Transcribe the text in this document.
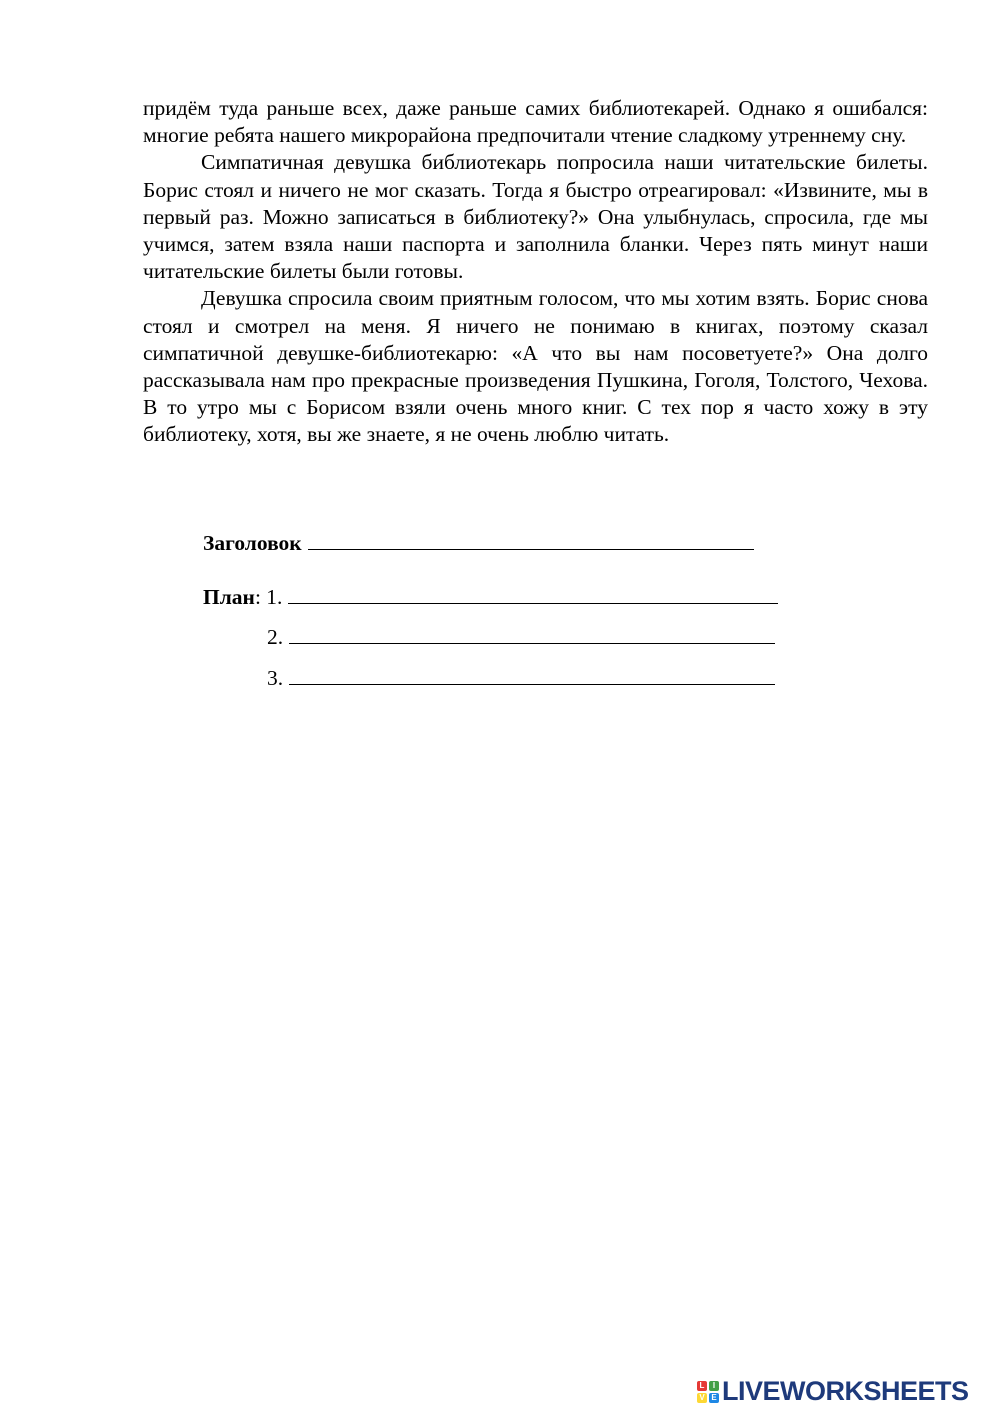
придём туда раньше всех, даже раньше самих библиотекарей. Однако я ошибался: многие ребята нашего микрорайона предпочитали чтение сладкому утреннему сну.

Симпатичная девушка библиотекарь попросила наши читательские билеты. Борис стоял и ничего не мог сказать. Тогда я быстро отреагировал: «Извините, мы в первый раз. Можно записаться в библиотеку?» Она улыбнулась, спросила, где мы учимся, затем взяла наши паспорта и заполнила бланки. Через пять минут наши читательские билеты были готовы.

Девушка спросила своим приятным голосом, что мы хотим взять. Борис снова стоял и смотрел на меня. Я ничего не понимаю в книгах, поэтому сказал симпатичной девушке-библиотекарю: «А что вы нам посоветуете?» Она долго рассказывала нам про прекрасные произведения Пушкина, Гоголя, Толстого, Чехова. В то утро мы с Борисом взяли очень много книг. С тех пор я часто хожу в эту библиотеку, хотя, вы же знаете, я не очень люблю читать.

Заголовок
План :
1.
2.
3.
L	I
V E LIVEWORKSHEETS
